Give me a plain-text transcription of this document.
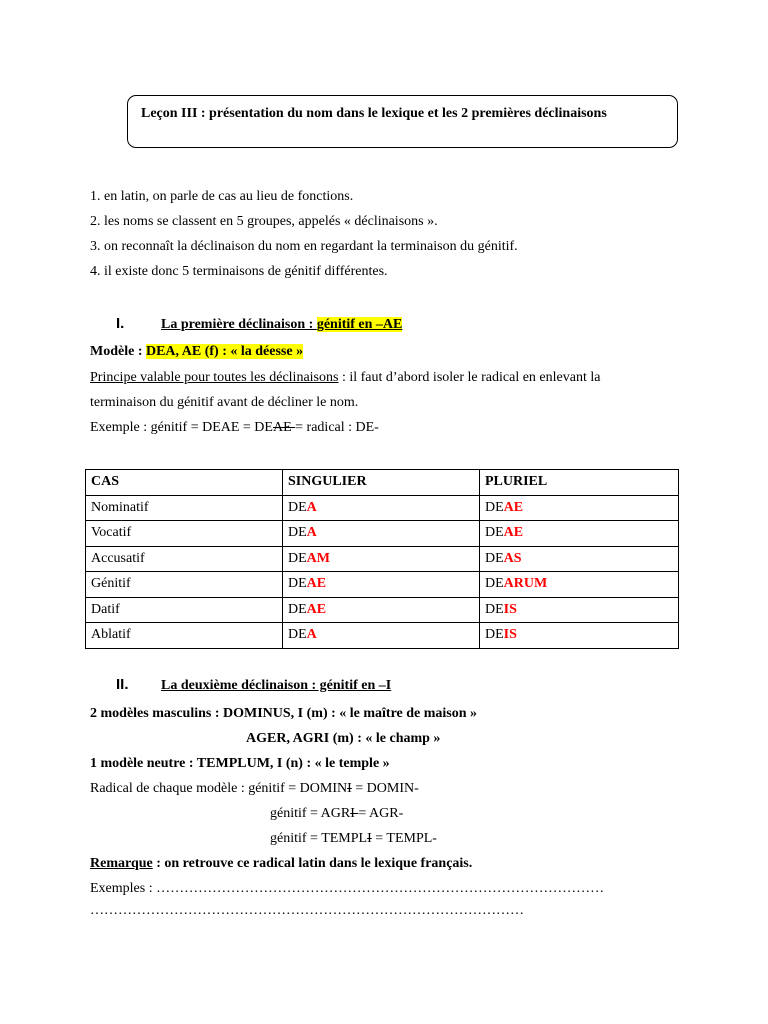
Leçon III : présentation du nom dans le lexique et les 2 premières déclinaisons
1. en latin, on parle de cas au lieu de fonctions.
2. les noms se classent en 5 groupes, appelés « déclinaisons ».
3. on reconnaît la déclinaison du nom en regardant la terminaison du génitif.
4. il existe donc 5 terminaisons de génitif différentes.
I.	La première déclinaison : génitif en –AE
Modèle : DEA, AE (f) : « la déesse »
Principe valable pour toutes les déclinaisons : il faut d’abord isoler le radical en enlevant la
terminaison du génitif avant de décliner le nom.
Exemple : génitif = DEAE = DEAE = radical : DE-
CAS	SINGULIER	PLURIEL
Nominatif	DEA	DEAE
Vocatif	DEA	DEAE
Accusatif	DEAM	DEAS
Génitif	DEAE	DEARUM
Datif	DEAE	DEIS
Ablatif	DEA	DEIS
II. La deuxième déclinaison : génitif en –I
2 modèles masculins : DOMINUS, I (m) : « le maître de maison »
AGER, AGRI (m) : « le champ »
1 modèle neutre : TEMPLUM, I (n) : « le temple »
Radical de chaque modèle : génitif = DOMINI = DOMIN-
génitif = AGRI = AGR-
génitif = TEMPLI = TEMPL-
Remarque : on retrouve ce radical latin dans le lexique français.
Exemples : ……………………………………………………………………………………
…………………………………………………………………………………
